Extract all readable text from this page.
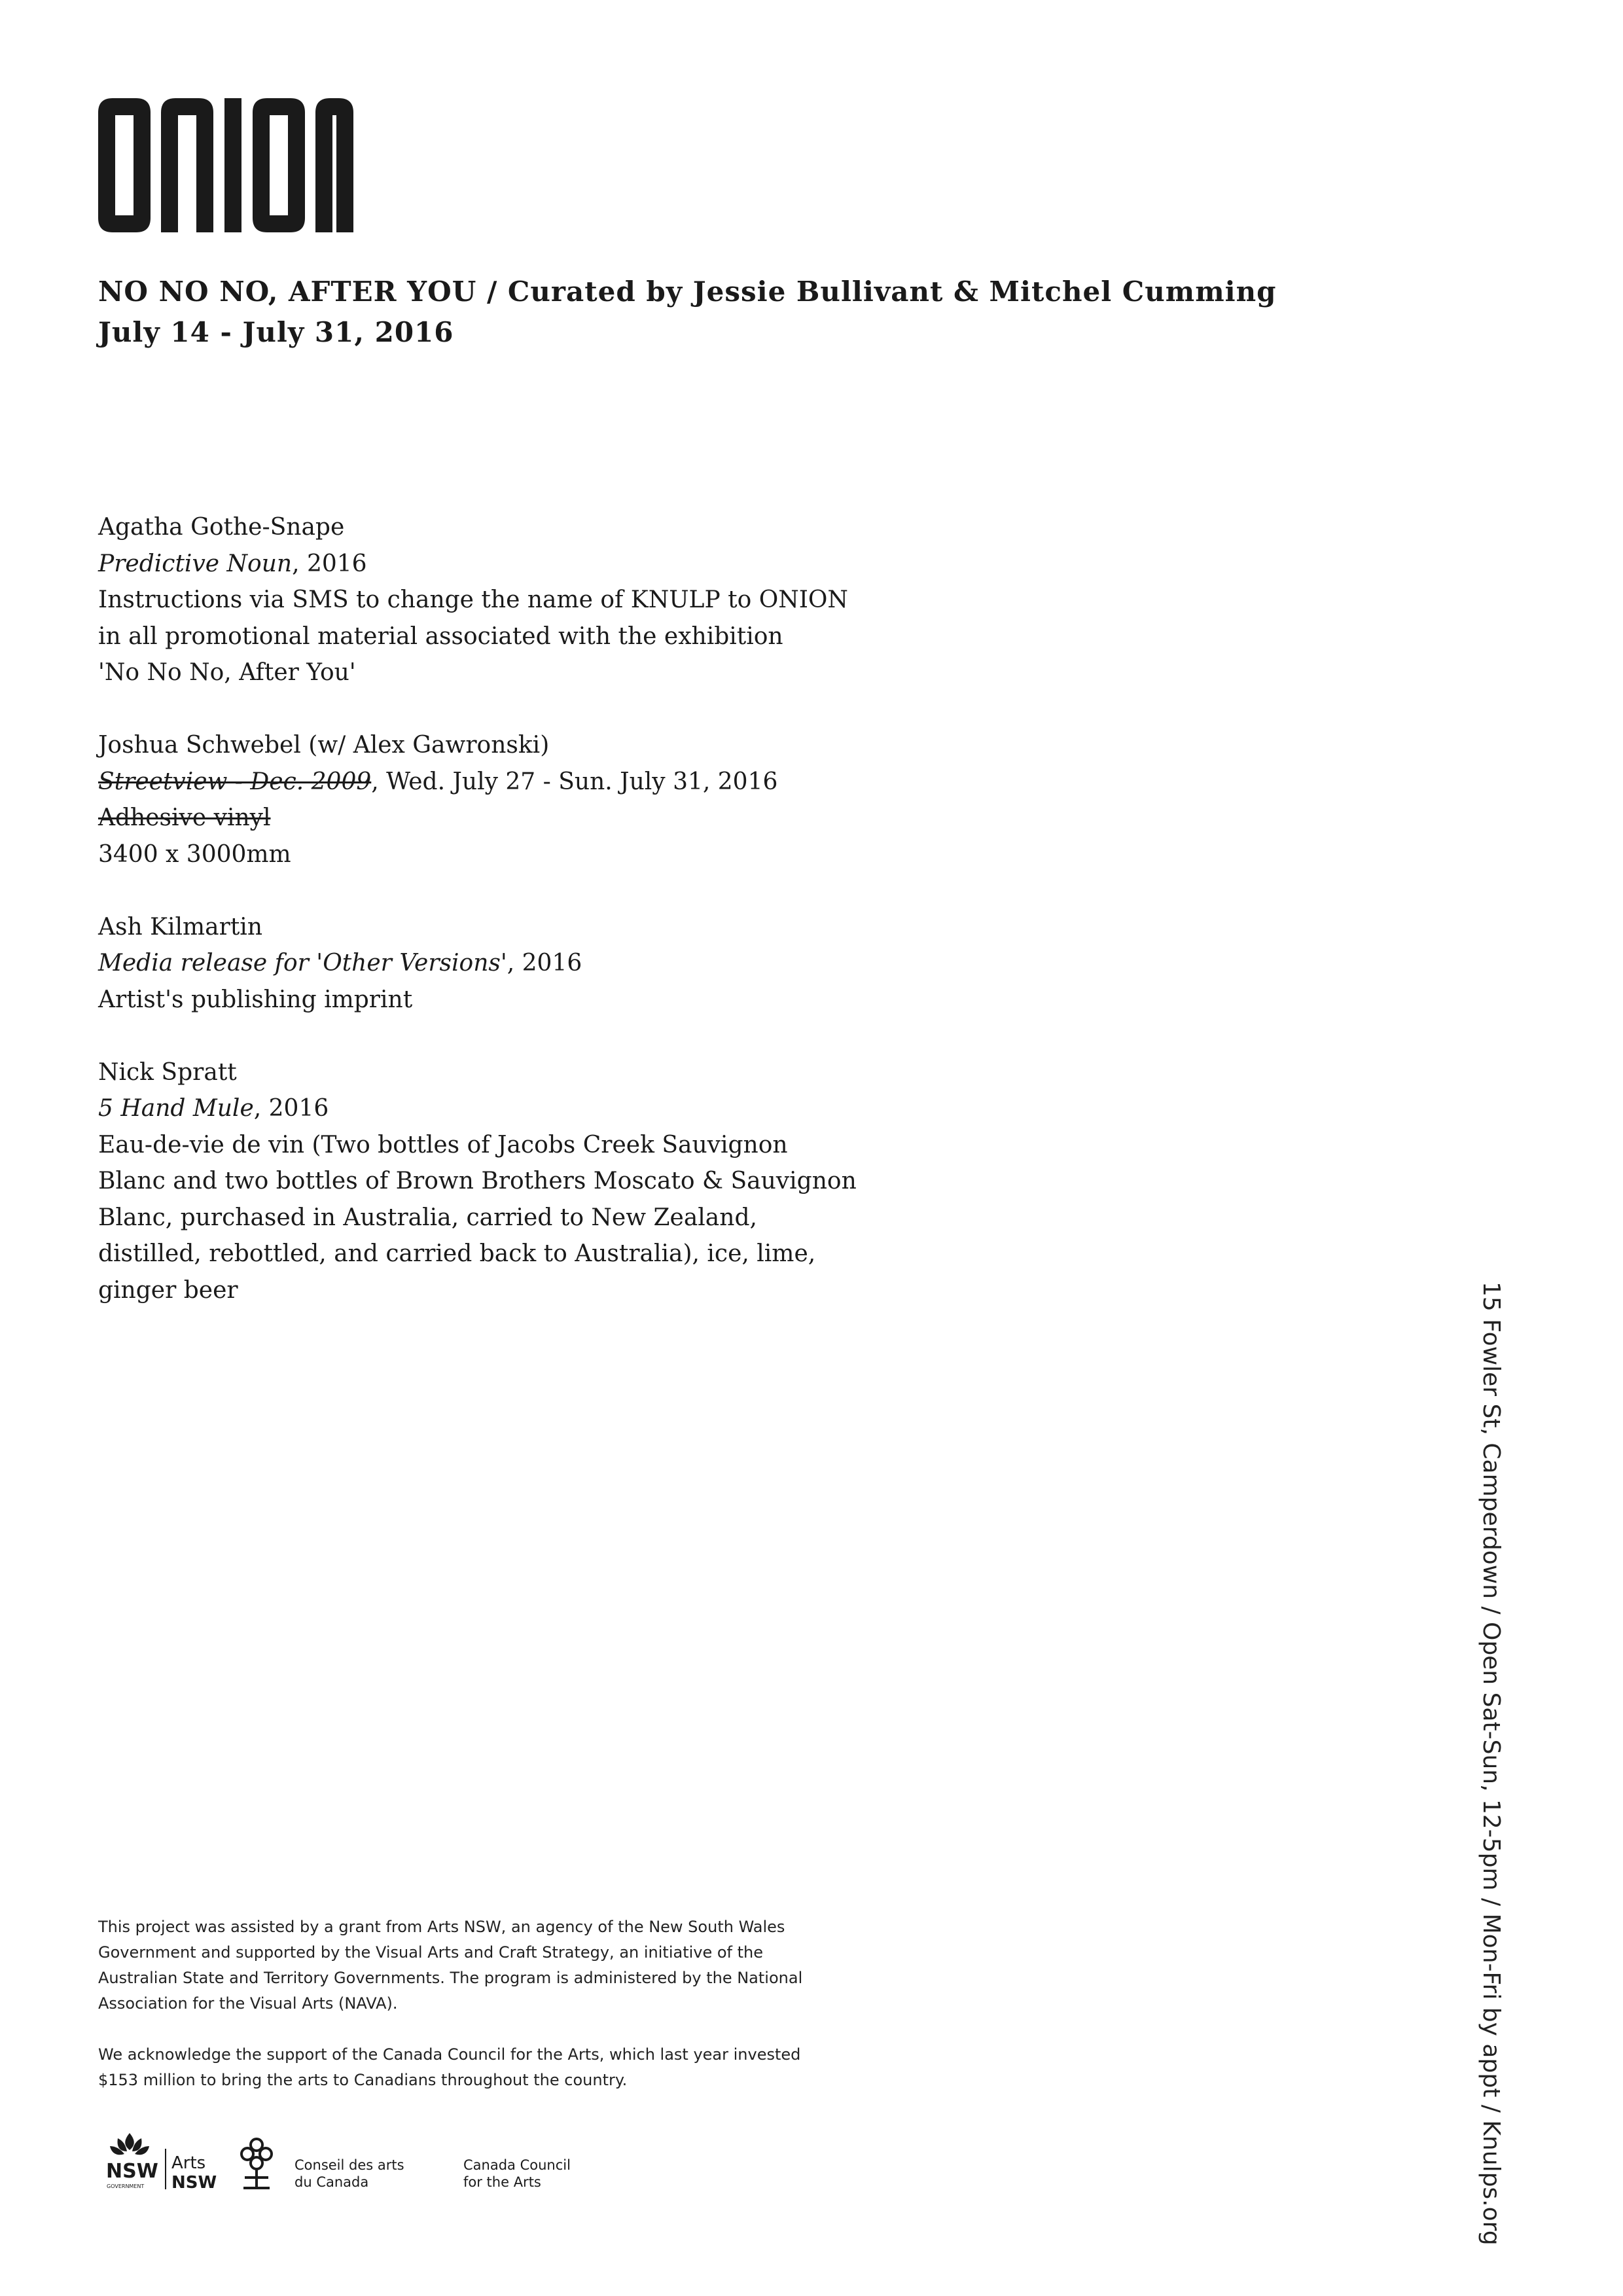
NO NO NO, AFTER YOU / Curated by Jessie Bullivant & Mitchel Cumming
July 14 - July 31, 2016
Agatha Gothe-Snape
Predictive Noun, 2016
Instructions via SMS to change the name of KNULP to ONION
in all promotional material associated with the exhibition
'No No No, After You'
Joshua Schwebel (w/ Alex Gawronski)
Streetview - Dec. 2009, Wed. July 27 - Sun. July 31, 2016
Adhesive vinyl
3400 x 3000mm
Ash Kilmartin
Media release for 'Other Versions', 2016
Artist's publishing imprint
Nick Spratt
5 Hand Mule, 2016
Eau-de-vie de vin (Two bottles of Jacobs Creek Sauvignon
Blanc and two bottles of Brown Brothers Moscato & Sauvignon
Blanc, purchased in Australia, carried to New Zealand,
distilled, rebottled, and carried back to Australia), ice, lime,
ginger beer

This project was assisted by a grant from Arts NSW, an agency of the New South Wales Government and supported by the Visual Arts and Craft Strategy, an initiative of the Australian State and Territory Governments. The program is administered by the National Association for the Visual Arts (NAVA).

We acknowledge the support of the Canada Council for the Arts, which last year invested $153 million to bring the arts to Canadians throughout the country.

NSW
GOVERNMENT
Arts
NSW
Conseil des arts
du Canada
Canada Council
for the Arts	15 Fowler St, Camperdown / Open Sat-Sun, 12-5pm / Mon-Fri by appt / Knulps.org
